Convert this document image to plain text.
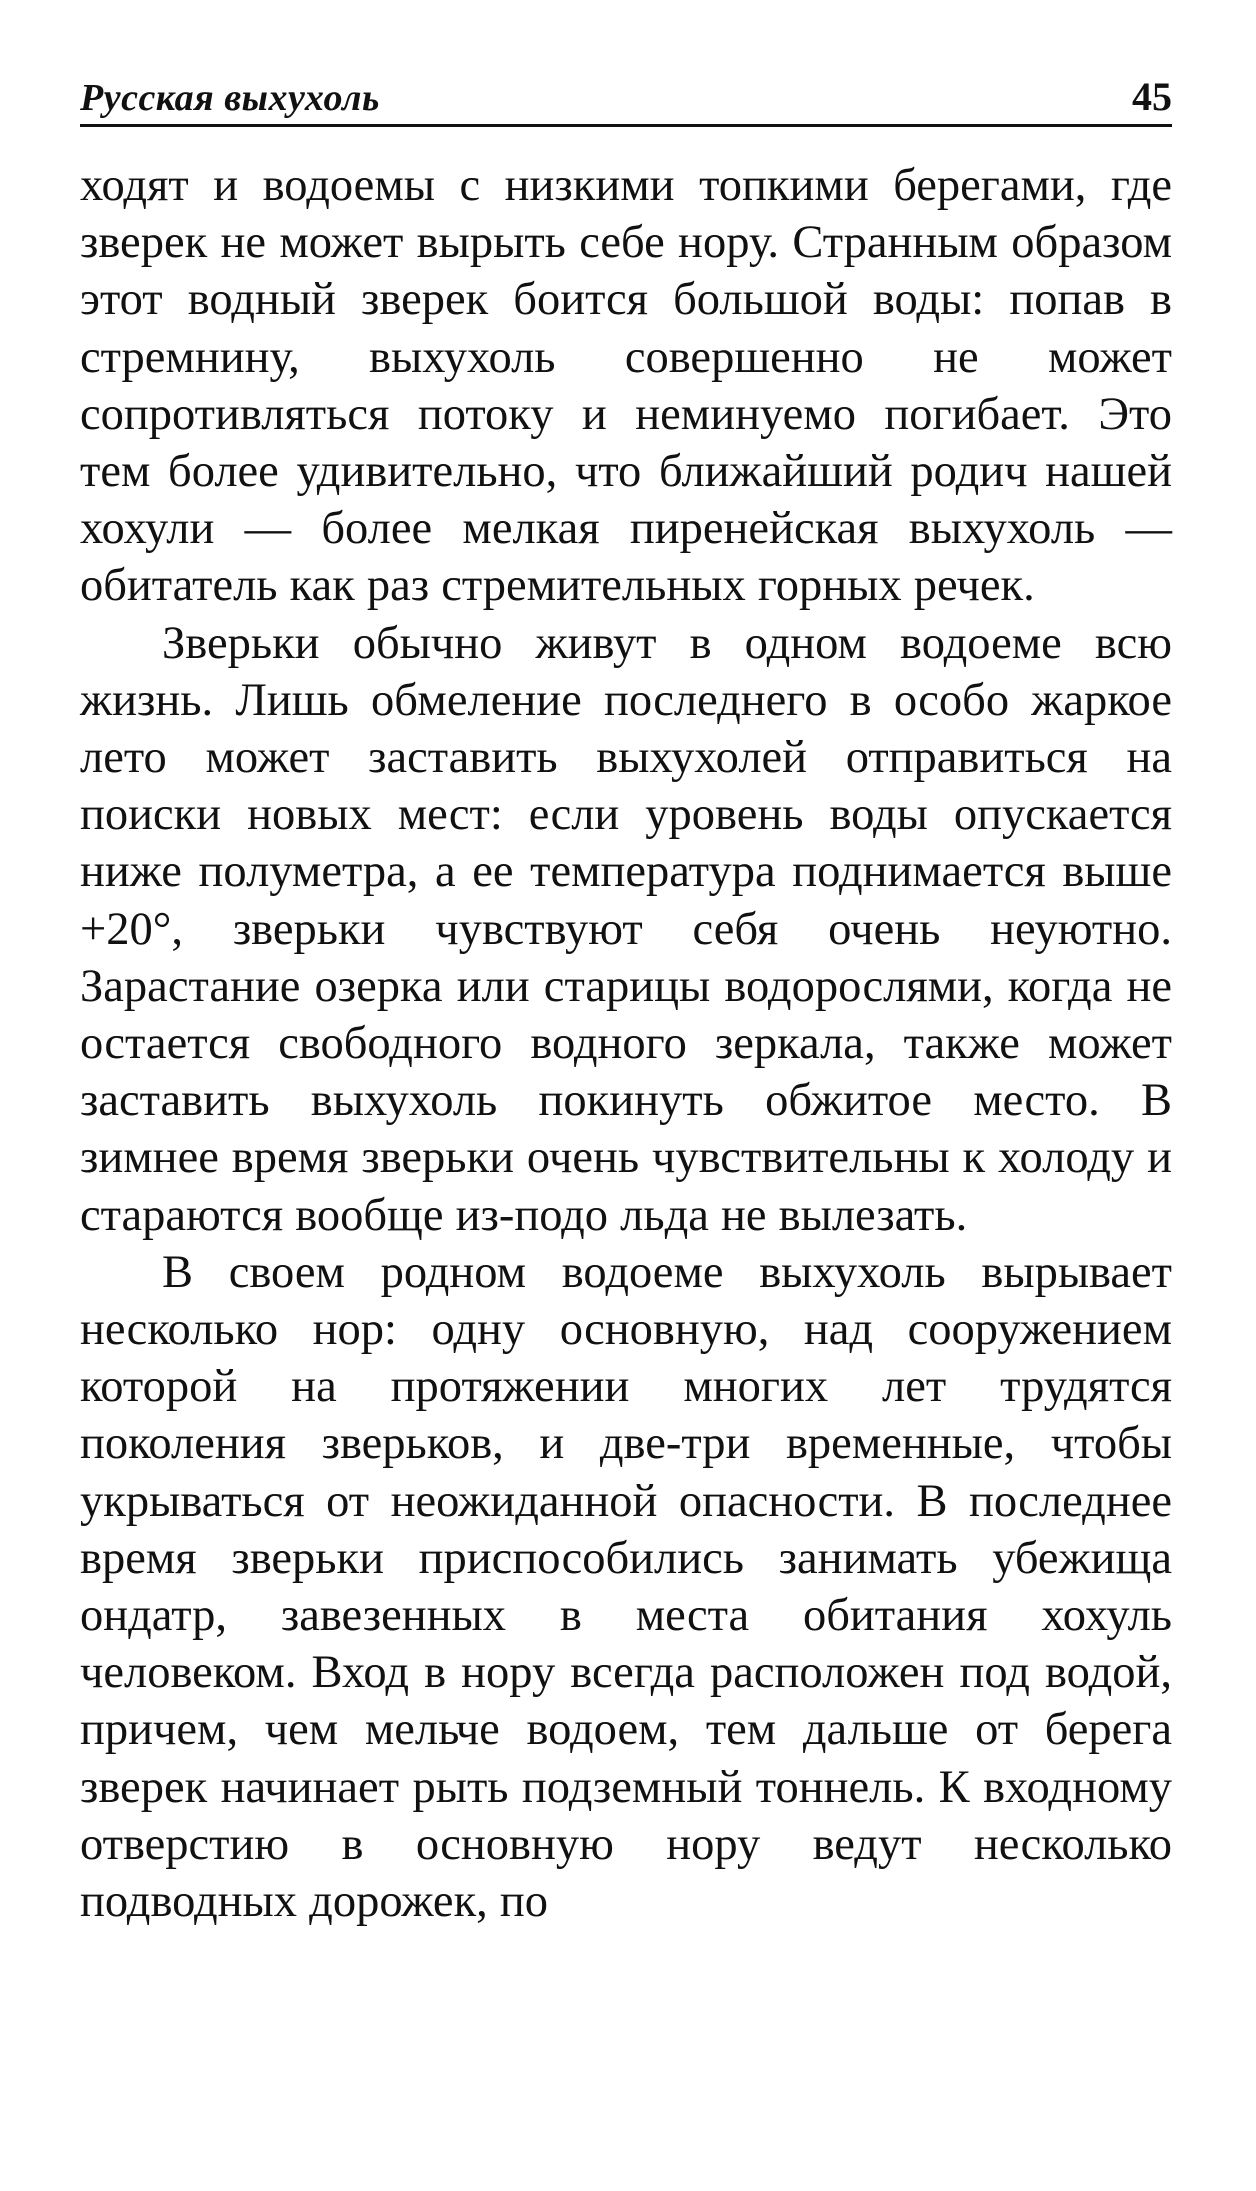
Русская выхухоль	45

ходят и водоемы с низкими топкими берегами, где зверек не может вырыть себе нору. Странным образом этот водный зверек боится большой воды: попав в стремнину, выхухоль совершенно не может сопротивляться потоку и неминуемо погибает. Это тем более удивительно, что ближайший родич нашей хохули — более мелкая пиренейская выхухоль — обитатель как раз стремительных горных речек.

Зверьки обычно живут в одном водоеме всю жизнь. Лишь обмеление последнего в особо жаркое лето может заставить выхухолей отправиться на поиски новых мест: если уровень воды опускается ниже полуметра, а ее температура поднимается выше +20°, зверьки чувствуют себя очень неуютно. Зарастание озерка или старицы водорослями, когда не остается свободного водного зеркала, также может заставить выхухоль покинуть обжитое место. В зимнее время зверьки очень чувствительны к холоду и стараются вообще из-подо льда не вылезать.

В своем родном водоеме выхухоль вырывает несколько нор: одну основную, над сооружением которой на протяжении многих лет трудятся поколения зверьков, и две-три временные, чтобы укрываться от неожиданной опасности. В последнее время зверьки приспособились занимать убежища ондатр, завезенных в места обитания хохуль человеком. Вход в нору всегда расположен под водой, причем, чем мельче водоем, тем дальше от берега зверек начинает рыть подземный тоннель. К входному отверстию в основную нору ведут несколько подводных дорожек, по
